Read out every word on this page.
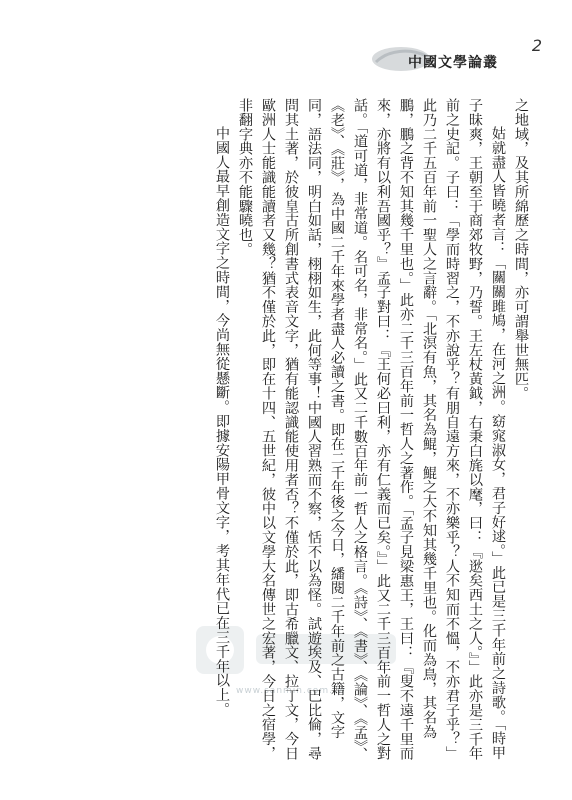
2
中國文學論叢
www.sanmin.com.tw

之地域，及其所綿歷之時間，亦可謂舉世無匹。

姑就盡人皆曉者言：「關關雎鳩，在河之洲。窈窕淑女，君子好逑。」此已是三千年前之詩歌。「時甲子昧爽，王朝至于商郊牧野，乃誓。王左杖黃鉞，右秉白旄以麾，曰：『逖矣西土之人。』」此亦是三千年前之史記。子曰：「學而時習之，不亦說乎？有朋自遠方來，不亦樂乎？人不知而不慍，不亦君子乎？」此乃二千五百年前一聖人之言辭。「北溟有魚，其名為鯤，鯤之大不知其幾千里也。化而為鳥，其名為鵬，鵬之背不知其幾千里也。」此亦二千三百年前一哲人之著作。「孟子見梁惠王，王曰：『叟不遠千里而來，亦將有以利吾國乎？』孟子對曰：『王何必曰利，亦有仁義而已矣。』」此又二千三百年前一哲人之對話。「道可道，非常道。名可名，非常名。」此又二千數百年前一哲人之格言。《詩》、《書》、《論》、《孟》、《老》、《莊》，為中國二千年來學者盡人必讀之書。即在二千年後之今日，繙閱二千年前之古籍，文字同，語法同，明白如話，栩栩如生，此何等事！中國人習熟而不察，恬不以為怪。試遊埃及、巴比倫，尋問其土著，於彼皇古所創書式表音文字，猶有能認識能使用者否？不僅於此，即古希臘文、拉丁文，今日歐洲人士能識能讀者又幾？猶不僅於此，即在十四、五世紀，彼中以文學大名傳世之宏著，今日之宿學，非翻字典亦不能驟曉也。

中國人最早創造文字之時間，今尚無從懸斷。即據安陽甲骨文字，考其年代已在三千年以上。
